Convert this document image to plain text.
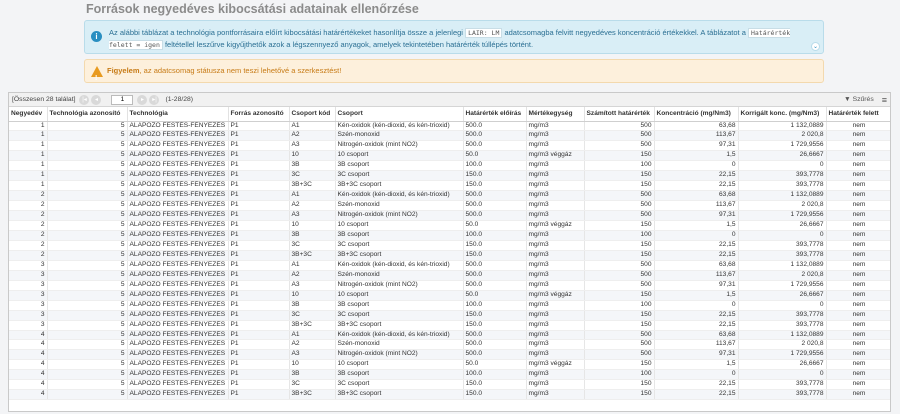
Források negyedéves kibocsátási adatainak ellenőrzése
i	Az alábbi táblázat a technológia pontforrásaira előírt kibocsátási határértékeket hasonlítja össze a jelenlegi LAIR: LM adatcsomagba felvitt negyedéves koncentráció értékekkel. A táblázatot a Határérték felett = igen feltétellel leszűrve kigyűjthetők azok a légszennyező anyagok, amelyek tekintetében határérték túllépés történt.	⌄
!
Figyelem, az adatcsomag státusza nem teszi lehetővé a szerkesztést!
[Összesen 28 találat]	|◂	◂
1	▸	▸|	(1-28/28)	▼ Szűrés ≡
Negyedév	Technológia azonosító	Technológia	Forrás azonosító	Csoport kód	Csoport	Határérték előírás	Mértékegység	Számított határérték	Koncentráció (mg/Nm3)	Korrigált konc. (mg/Nm3)	Határérték felett
1	5	ALAPOZÓ FESTÉS-FÉNYEZÉS	P1	A1	Kén-oxidok (kén-dioxid, és kén-trioxid)	500.0	mg/m3	500	63,68	1 132,0889	nem
1	5	ALAPOZÓ FESTÉS-FÉNYEZÉS	P1	A2	Szén-monoxid	500.0	mg/m3	500	113,67	2 020,8	nem
1	5	ALAPOZÓ FESTÉS-FÉNYEZÉS	P1	A3	Nitrogén-oxidok (mint NO2)	500.0	mg/m3	500	97,31	1 729,9556	nem
1	5	ALAPOZÓ FESTÉS-FÉNYEZÉS	P1	10	10 csoport	50.0	mg/m3 véggáz	150	1,5	26,6667	nem
1	5	ALAPOZÓ FESTÉS-FÉNYEZÉS	P1	3B	3B csoport	100.0	mg/m3	100	0	0	nem
1	5	ALAPOZÓ FESTÉS-FÉNYEZÉS	P1	3C	3C csoport	150.0	mg/m3	150	22,15	393,7778	nem
1	5	ALAPOZÓ FESTÉS-FÉNYEZÉS	P1	3B+3C	3B+3C csoport	150.0	mg/m3	150	22,15	393,7778	nem
2	5	ALAPOZÓ FESTÉS-FÉNYEZÉS	P1	A1	Kén-oxidok (kén-dioxid, és kén-trioxid)	500.0	mg/m3	500	63,68	1 132,0889	nem
2	5	ALAPOZÓ FESTÉS-FÉNYEZÉS	P1	A2	Szén-monoxid	500.0	mg/m3	500	113,67	2 020,8	nem
2	5	ALAPOZÓ FESTÉS-FÉNYEZÉS	P1	A3	Nitrogén-oxidok (mint NO2)	500.0	mg/m3	500	97,31	1 729,9556	nem
2	5	ALAPOZÓ FESTÉS-FÉNYEZÉS	P1	10	10 csoport	50.0	mg/m3 véggáz	150	1,5	26,6667	nem
2	5	ALAPOZÓ FESTÉS-FÉNYEZÉS	P1	3B	3B csoport	100.0	mg/m3	100	0	0	nem
2	5	ALAPOZÓ FESTÉS-FÉNYEZÉS	P1	3C	3C csoport	150.0	mg/m3	150	22,15	393,7778	nem
2	5	ALAPOZÓ FESTÉS-FÉNYEZÉS	P1	3B+3C	3B+3C csoport	150.0	mg/m3	150	22,15	393,7778	nem
3	5	ALAPOZÓ FESTÉS-FÉNYEZÉS	P1	A1	Kén-oxidok (kén-dioxid, és kén-trioxid)	500.0	mg/m3	500	63,68	1 132,0889	nem
3	5	ALAPOZÓ FESTÉS-FÉNYEZÉS	P1	A2	Szén-monoxid	500.0	mg/m3	500	113,67	2 020,8	nem
3	5	ALAPOZÓ FESTÉS-FÉNYEZÉS	P1	A3	Nitrogén-oxidok (mint NO2)	500.0	mg/m3	500	97,31	1 729,9556	nem
3	5	ALAPOZÓ FESTÉS-FÉNYEZÉS	P1	10	10 csoport	50.0	mg/m3 véggáz	150	1,5	26,6667	nem
3	5	ALAPOZÓ FESTÉS-FÉNYEZÉS	P1	3B	3B csoport	100.0	mg/m3	100	0	0	nem
3	5	ALAPOZÓ FESTÉS-FÉNYEZÉS	P1	3C	3C csoport	150.0	mg/m3	150	22,15	393,7778	nem
3	5	ALAPOZÓ FESTÉS-FÉNYEZÉS	P1	3B+3C	3B+3C csoport	150.0	mg/m3	150	22,15	393,7778	nem
4	5	ALAPOZÓ FESTÉS-FÉNYEZÉS	P1	A1	Kén-oxidok (kén-dioxid, és kén-trioxid)	500.0	mg/m3	500	63,68	1 132,0889	nem
4	5	ALAPOZÓ FESTÉS-FÉNYEZÉS	P1	A2	Szén-monoxid	500.0	mg/m3	500	113,67	2 020,8	nem
4	5	ALAPOZÓ FESTÉS-FÉNYEZÉS	P1	A3	Nitrogén-oxidok (mint NO2)	500.0	mg/m3	500	97,31	1 729,9556	nem
4	5	ALAPOZÓ FESTÉS-FÉNYEZÉS	P1	10	10 csoport	50.0	mg/m3 véggáz	150	1,5	26,6667	nem
4	5	ALAPOZÓ FESTÉS-FÉNYEZÉS	P1	3B	3B csoport	100.0	mg/m3	100	0	0	nem
4	5	ALAPOZÓ FESTÉS-FÉNYEZÉS	P1	3C	3C csoport	150.0	mg/m3	150	22,15	393,7778	nem
4	5	ALAPOZÓ FESTÉS-FÉNYEZÉS	P1	3B+3C	3B+3C csoport	150.0	mg/m3	150	22,15	393,7778	nem
